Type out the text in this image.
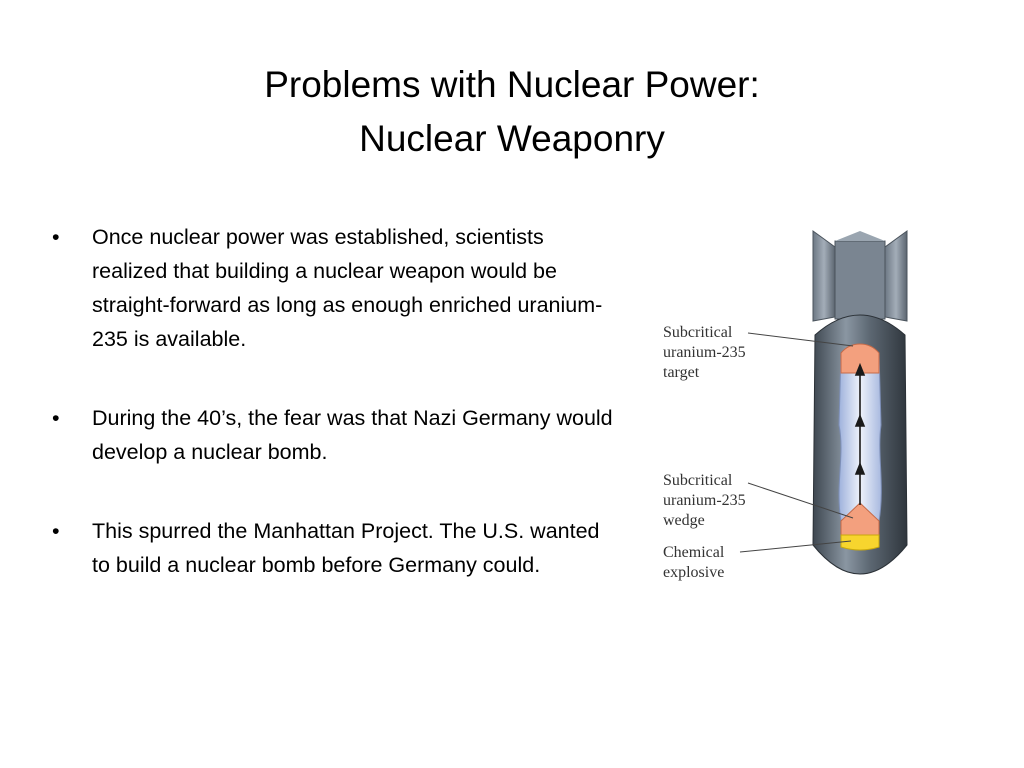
Problems with Nuclear Power:
Nuclear Weaponry
•	Once nuclear power was established, scientists realized that building a nuclear weapon would be straight-forward as long as enough enriched uranium-235 is available.
•	During the 40’s, the fear was that Nazi Germany would develop a nuclear bomb.
•	This spurred the Manhattan Project. The U.S. wanted to build a nuclear bomb before Germany could.
Subcritical
uranium-235
target
Subcritical
uranium-235
wedge
Chemical
explosive
